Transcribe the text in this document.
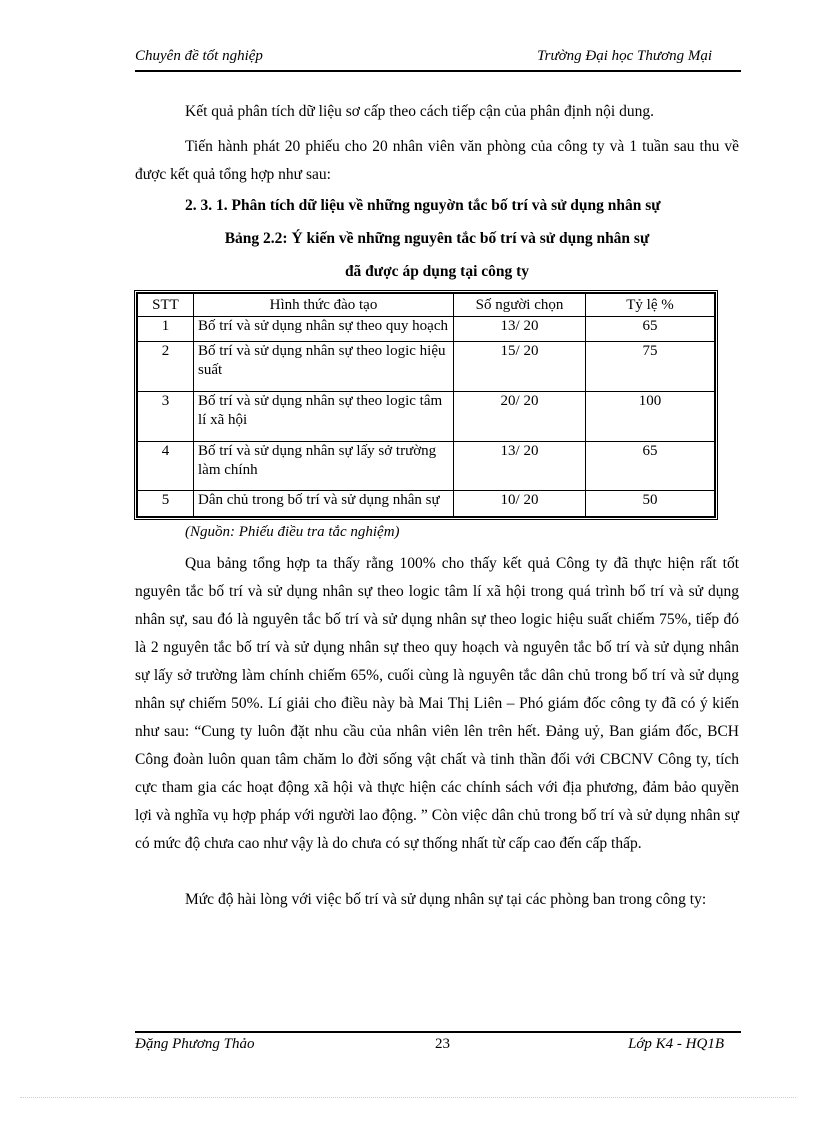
Chuyên đề tốt nghiệp	Trường Đại học Thương Mại
Kết quả phân tích dữ liệu sơ cấp theo cách tiếp cận của phân định nội dung.
Tiến hành phát 20 phiếu cho 20 nhân viên văn phòng của công ty và 1 tuần sau thu về được kết quả tổng hợp như sau:
2. 3. 1. Phân tích dữ liệu về những nguyờn tắc bố trí và sử dụng nhân sự
Bảng 2.2: Ý kiến về những nguyên tắc bố trí và sử dụng nhân sự
đã được áp dụng tại công ty
STT	Hình thức đào tạo	Số người chọn	Tỷ lệ %
1	Bố trí và sử dụng nhân sự theo quy hoạch	13/ 20	65
2	Bố trí và sử dụng nhân sự theo logic hiệu suất	15/ 20	75
3	Bố trí và sử dụng nhân sự theo logic tâm lí xã hội	20/ 20	100
4	Bố trí và sử dụng nhân sự lấy sở trường làm chính	13/ 20	65
5	Dân chủ trong bố trí và sử dụng nhân sự	10/ 20	50
(Nguồn: Phiếu điều tra tắc nghiệm)
Qua bảng tổng hợp ta thấy rằng 100% cho thấy kết quả Công ty đã thực hiện rất tốt nguyên tắc bố trí và sử dụng nhân sự theo logic tâm lí xã hội trong quá trình bố trí và sử dụng nhân sự, sau đó là nguyên tắc bố trí và sử dụng nhân sự theo logic hiệu suất chiếm 75%, tiếp đó là 2 nguyên tắc bố trí và sử dụng nhân sự theo quy hoạch và nguyên tắc bố trí và sử dụng nhân sự lấy sở trường làm chính chiếm 65%, cuối cùng là nguyên tắc dân chủ trong bố trí và sử dụng nhân sự chiếm 50%. Lí giải cho điều này bà Mai Thị Liên – Phó giám đốc công ty đã có ý kiến như sau: “Cung ty luôn đặt nhu cầu của nhân viên lên trên hết. Đảng uỷ, Ban giám đốc, BCH Công đoàn luôn quan tâm chăm lo đời sống vật chất và tinh thần đối với CBCNV Công ty, tích cực tham gia các hoạt động xã hội và thực hiện các chính sách với địa phương, đảm bảo quyền lợi và nghĩa vụ hợp pháp với người lao động. ” Còn việc dân chủ trong bố trí và sử dụng nhân sự có mức độ chưa cao như vậy là do chưa có sự thống nhất từ cấp cao đến cấp thấp.
Mức độ hài lòng với việc bố trí và sử dụng nhân sự tại các phòng ban trong công ty:
Đặng Phương Thảo	23	Lớp K4 - HQ1B
